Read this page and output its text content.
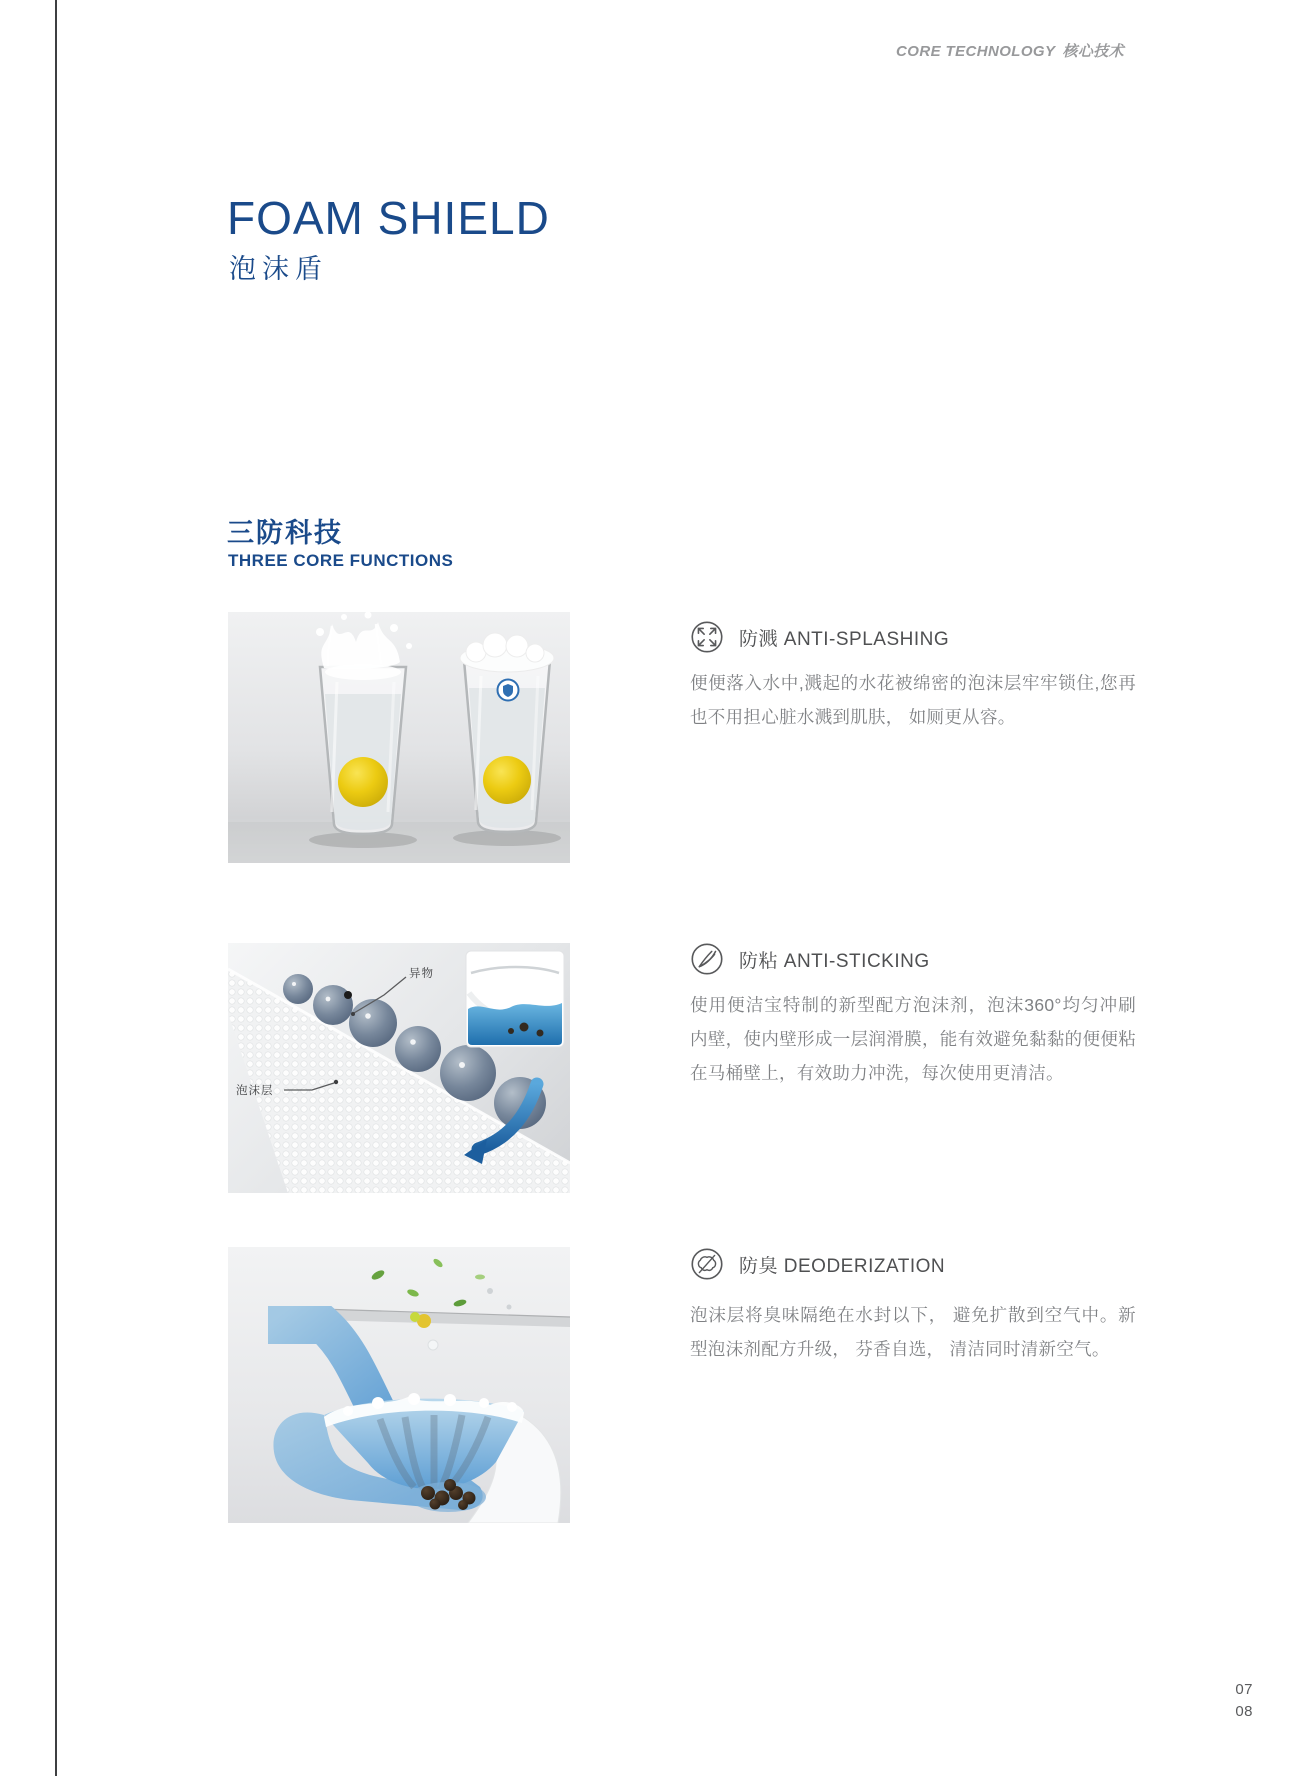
CORE TECHNOLOGY 核心技术
FOAM SHIELD
泡沫盾
三防科技
THREE CORE FUNCTIONS
异物
泡沫层
防溅 ANTI-SPLASHING

便便落入水中,溅起的水花被绵密的泡沫层牢牢锁住,您再也不用担心脏水溅到肌肤， 如厕更从容。

防粘 ANTI-STICKING

使用便洁宝特制的新型配方泡沫剂，泡沫360°均匀冲刷内壁，使内壁形成一层润滑膜，能有效避免黏黏的便便粘在马桶壁上，有效助力冲洗，每次使用更清洁。

防臭 DEODERIZATION

泡沫层将臭味隔绝在水封以下， 避免扩散到空气中。新型泡沫剂配方升级， 芬香自选， 清洁同时清新空气。

07
08
